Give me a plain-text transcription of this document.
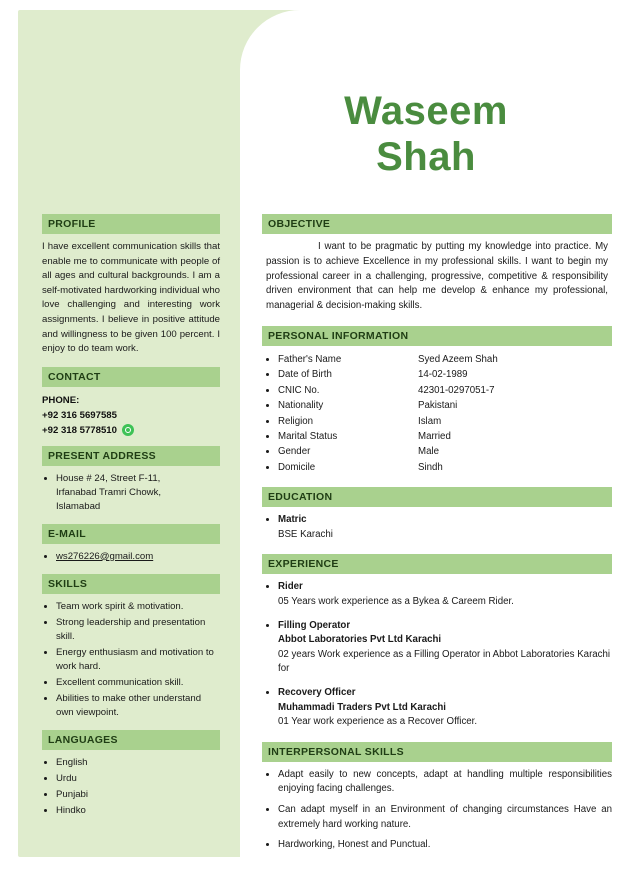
Waseem
Shah
PROFILE
I have excellent communication skills that enable me to communicate with people of all ages and cultural backgrounds. I am a self-motivated hardworking individual who love challenging and interesting work assignments. I believe in positive attitude and willingness to be given 100 percent. I enjoy to do team work.
CONTACT
PHONE:
+92 316 5697585
+92 318 5778510
PRESENT ADDRESS
• House # 24, Street F-11,
Irfanabad Tramri Chowk,
Islamabad
E-MAIL
• ws276226@gmail.com
SKILLS
• Team work spirit & motivation.
• Strong leadership and presentation skill.
• Energy enthusiasm and motivation to work hard.
• Excellent communication skill.
• Abilities to make other understand own viewpoint.
LANGUAGES
• English
• Urdu
• Punjabi
• Hindko
OBJECTIVE
I want to be pragmatic by putting my knowledge into practice. My passion is to achieve Excellence in my professional skills. I want to begin my professional career in a challenging, progressive, competitive & responsibility driven environment that can help me develop & enhance my professional, managerial & decision-making skills.
PERSONAL INFORMATION
• Father's Name	Syed Azeem Shah
• Date of Birth	14-02-1989
• CNIC No.	42301-0297051-7
• Nationality	Pakistani
• Religion	Islam
• Marital Status	Married
• Gender	Male
• Domicile	Sindh
EDUCATION
• Matric
BSE Karachi
EXPERIENCE
• Rider
05 Years work experience as a Bykea & Careem Rider.
• Filling Operator
Abbot Laboratories Pvt Ltd Karachi
02 years Work experience as a Filling Operator in Abbot Laboratories Karachi for
• Recovery Officer
Muhammadi Traders Pvt Ltd Karachi
01 Year work experience as a Recover Officer.
INTERPERSONAL SKILLS
• Adapt easily to new concepts, adapt at handling multiple responsibilities enjoying facing challenges.
• Can adapt myself in an Environment of changing circumstances Have an extremely hard working nature.
• Hardworking, Honest and Punctual.
